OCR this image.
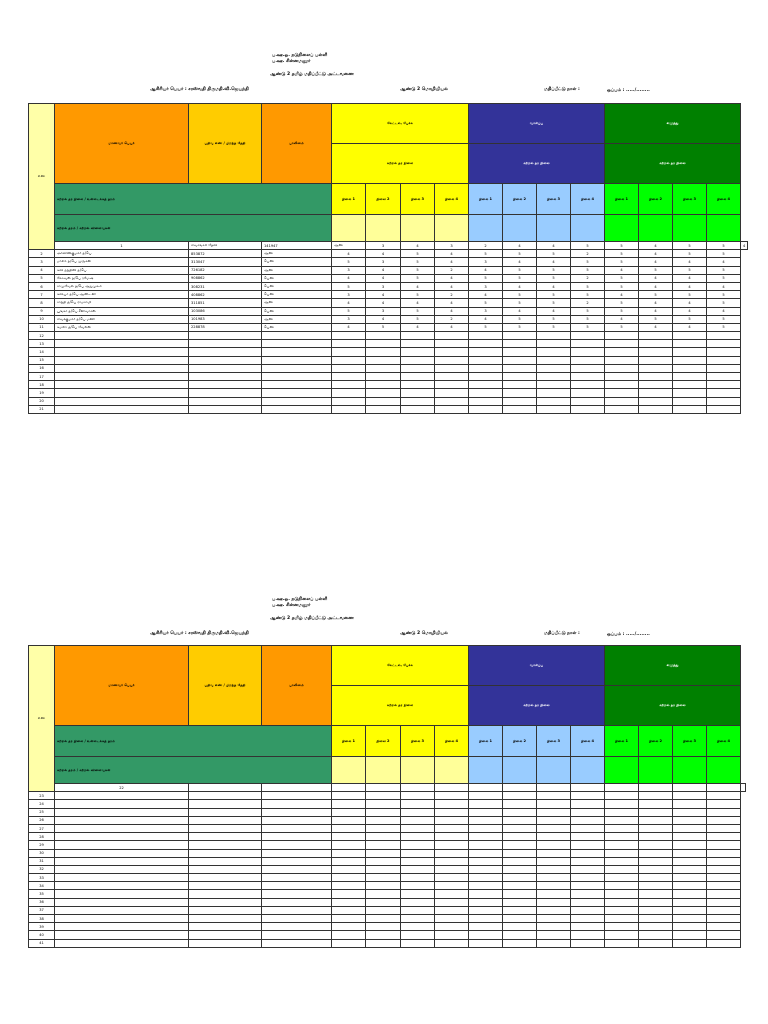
ப.ஊ.ஒ. நடுநிலைப் பள்ளி
ப.ஊ. சின்னமனூர்
ஆண்டு 2 தமிழ் மதிப்பீட்டு அட்டவணை
ஆசிரியர் பெயர் : சரஸ்வதி திருமதி.வி.ஜெயந்தி	ஆண்டு 2 மொழியியல்	மதிப்பீட்டு நாள் :	ஒப்பம் : ...../........
எண்	மாணவர் பெயர்	பதிவு எண் / பிறந்த தேதி	பாலினம்	கேட்டல், பேச்சு				வாசிப்பு				எழுத்து				
				கற்றல் தர நிலை				கற்றல் தர நிலை				கற்றல் தர நிலை				
	கற்றல் தர நிலை / உள்ளடக்கத் தரம்			நிலை 1	நிலை 2	நிலை 3	நிலை 4	நிலை 1	நிலை 2	நிலை 3	நிலை 4	நிலை 1	நிலை 2	நிலை 3	நிலை 4	
	கற்றல் தரம் / கற்றல் விளைவுகள்															
	1	சிவசங்கரி தேவி	141947	ஆண்	3	4	3	2	4	4	5	5	4	5	5	4
2	அர்விண்குமார் த/பெ	853872	ஆண்	4	4	5	4	5	5	5	2	5	4	5	5	
3	மாலா த/பெ முருகன்	313047	பெண்	5	3	5	4	3	4	4	5	5	4	4	4	
4	கவி நந்தினி த/பெ	726182	ஆண்	3	4	5	2	4	5	5	5	4	5	5	5	
5	கேசவன் த/பெ ரமேஷ்	908862	பெண்	4	4	5	4	5	5	5	2	5	4	4	5	
6	சாமுவேல் த/பெ ஆறுமுகம்	308231	பெண்	5	3	4	4	3	4	4	5	5	4	4	4	
7	கவியா த/பெ ஆண்டனி	408862	பெண்	3	4	5	2	4	5	5	5	4	5	5	5	
8	சாந்தி த/பெ ராமசாமி	311851	ஆண்	4	4	4	4	5	5	5	2	5	4	4	5	
9	பூங்கா த/பெ சீனிவாசன்	103086	பெண்	5	3	5	4	3	4	4	5	5	4	4	4	
10	சிவக்குமார் த/பெ மணி	101983	ஆண்	3	4	5	2	4	5	5	5	4	5	5	5	
11	கமலா த/பெ வேலன்	228878	பெண்	4	5	4	4	5	5	5	5	5	4	4	5	
12																
13																
14																
15																
16																
17																
18																
19																
20																
21																
ப.ஊ.ஒ. நடுநிலைப் பள்ளி
ப.ஊ. சின்னமனூர்
ஆண்டு 2 தமிழ் மதிப்பீட்டு அட்டவணை
ஆசிரியர் பெயர் : சரஸ்வதி திருமதி.வி.ஜெயந்தி	ஆண்டு 2 மொழியியல்	மதிப்பீட்டு நாள் :	ஒப்பம் : ...../........
எண்	மாணவர் பெயர்	பதிவு எண் / பிறந்த தேதி	பாலினம்	கேட்டல், பேச்சு				வாசிப்பு				எழுத்து				
				கற்றல் தர நிலை				கற்றல் தர நிலை				கற்றல் தர நிலை				
	கற்றல் தர நிலை / உள்ளடக்கத் தரம்			நிலை 1	நிலை 2	நிலை 3	நிலை 4	நிலை 1	நிலை 2	நிலை 3	நிலை 4	நிலை 1	நிலை 2	நிலை 3	நிலை 4	
	கற்றல் தரம் / கற்றல் விளைவுகள்															
	22															
23																
24																
25																
26																
27																
28																
29																
30																
31																
32																
33																
34																
35																
36																
37																
38																
39																
40																
41																
